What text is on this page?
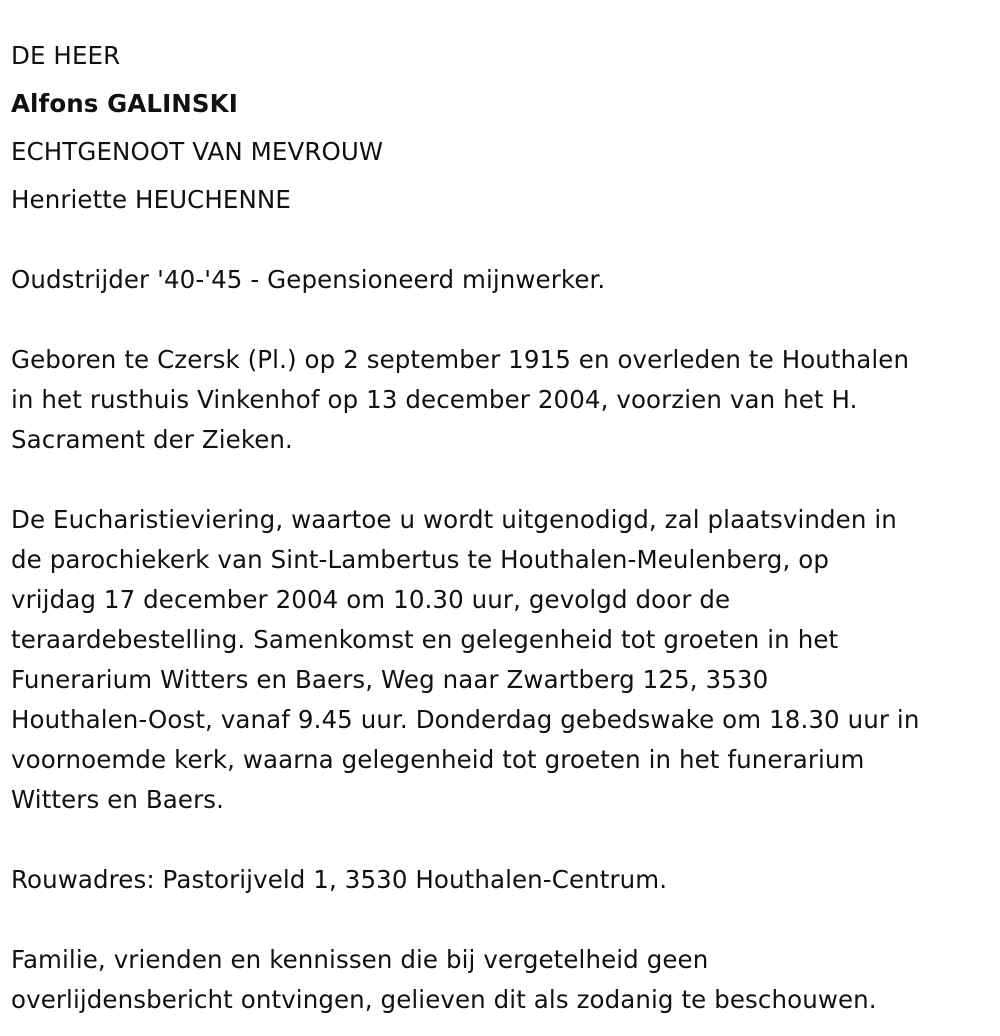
DE HEER
Alfons GALINSKI
ECHTGENOOT VAN MEVROUW
Henriette HEUCHENNE
Oudstrijder '40-'45 - Gepensioneerd mijnwerker.
Geboren te Czersk (Pl.) op 2 september 1915 en overleden te Houthalen
in het rusthuis Vinkenhof op 13 december 2004, voorzien van het H.
Sacrament der Zieken.
De Eucharistieviering, waartoe u wordt uitgenodigd, zal plaatsvinden in
de parochiekerk van Sint-Lambertus te Houthalen-Meulenberg, op
vrijdag 17 december 2004 om 10.30 uur, gevolgd door de
teraardebestelling. Samenkomst en gelegenheid tot groeten in het
Funerarium Witters en Baers, Weg naar Zwartberg 125, 3530
Houthalen-Oost, vanaf 9.45 uur. Donderdag gebedswake om 18.30 uur in
voornoemde kerk, waarna gelegenheid tot groeten in het funerarium
Witters en Baers.
Rouwadres: Pastorijveld 1, 3530 Houthalen-Centrum.
Familie, vrienden en kennissen die bij vergetelheid geen
overlijdensbericht ontvingen, gelieven dit als zodanig te beschouwen.
